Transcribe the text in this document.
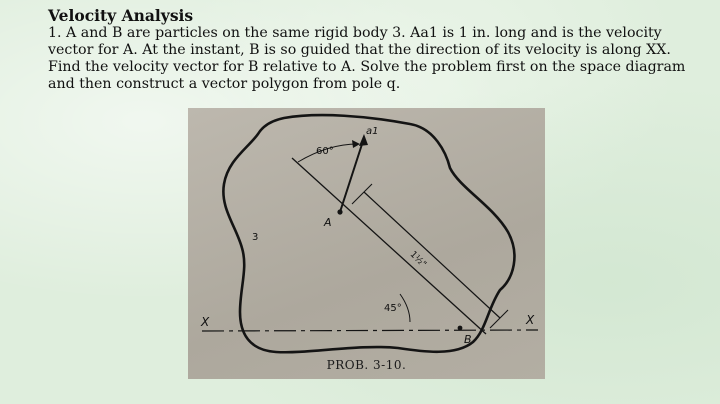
Velocity Analysis
1. A and B are particles on the same rigid body 3. Aa1 is 1 in. long and is the velocity vector for A. At the instant, B is so guided that the direction of its velocity is along XX. Find the velocity vector for B relative to A. Solve the problem first on the space diagram and then construct a vector polygon from pole q.
60°
a1
A
3
1½"
45°
B
X	X
PROB. 3-10.
